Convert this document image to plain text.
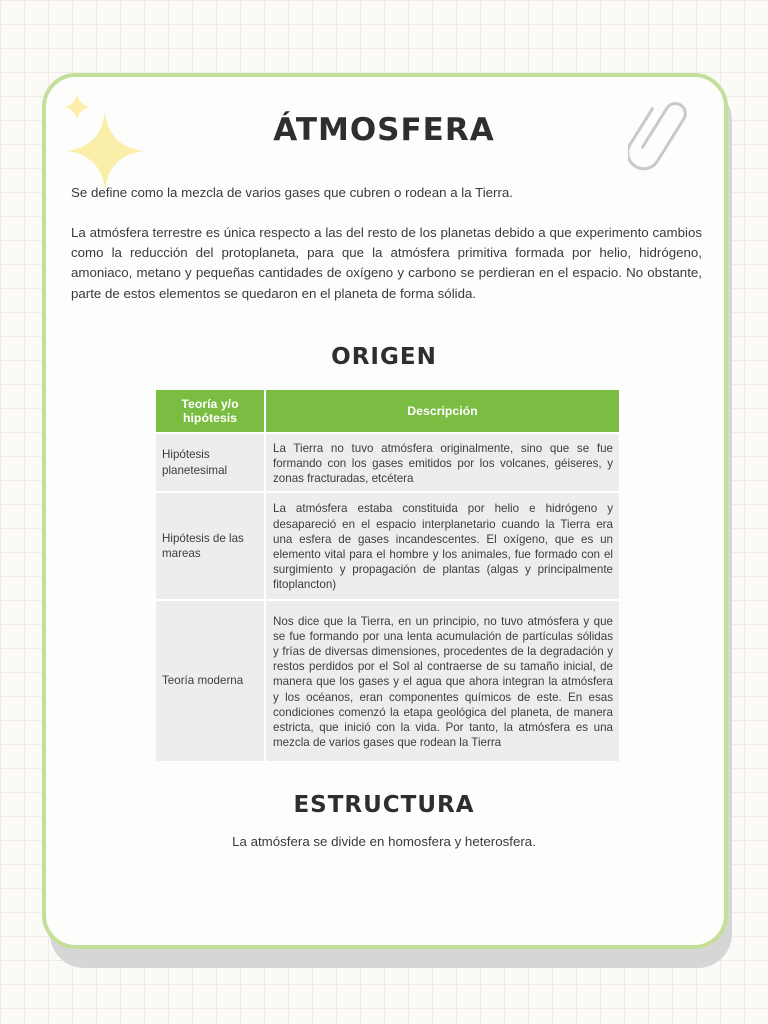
ÁTMOSFERA

Se define como la mezcla de varios gases que cubren o rodean a la Tierra.

La atmósfera terrestre es única respecto a las del resto de los planetas debido a que experimento cambios como la reducción del protoplaneta, para que la atmósfera primitiva formada por helio, hidrógeno, amoniaco, metano y pequeñas cantidades de oxígeno y carbono se perdieran en el espacio. No obstante, parte de estos elementos se quedaron en el planeta de forma sólida.

ORIGEN
Teoría y/o hipótesis	Descripción
Hipótesis planetesimal	La Tierra no tuvo atmósfera originalmente, sino que se fue formando con los gases emitidos por los volcanes, géiseres, y zonas fracturadas, etcétera
Hipótesis de las mareas	La atmósfera estaba constituida por helio e hidrógeno y desapareció en el espacio interplanetario cuando la Tierra era una esfera de gases incandescentes. El oxígeno, que es un elemento vital para el hombre y los animales, fue formado con el surgimiento y propagación de plantas (algas y principalmente fitoplancton)
Teoría moderna	Nos dice que la Tierra, en un principio, no tuvo atmósfera y que se fue formando por una lenta acumulación de partículas sólidas y frías de diversas dimensiones, procedentes de la degradación y restos perdidos por el Sol al contraerse de su tamaño inicial, de manera que los gases y el agua que ahora integran la atmósfera y los océanos, eran componentes químicos de este. En esas condiciones comenzó la etapa geológica del planeta, de manera estricta, que inició con la vida. Por tanto, la atmósfera es una mezcla de varios gases que rodean la Tierra
ESTRUCTURA

La atmósfera se divide en homosfera y heterosfera.
